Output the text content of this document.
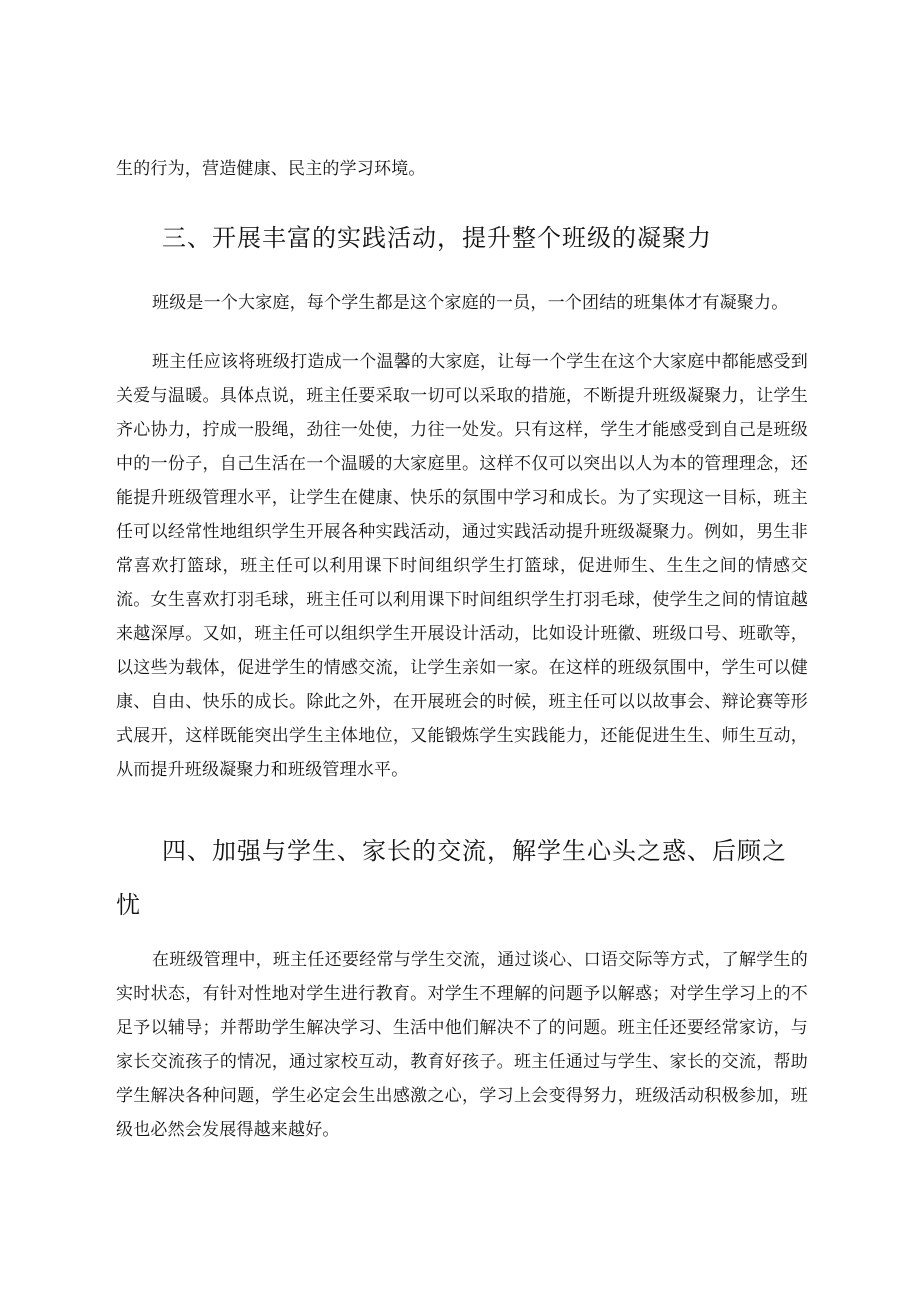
生的行为，营造健康、民主的学习环境。

三、开展丰富的实践活动，提升整个班级的凝聚力

班级是一个大家庭，每个学生都是这个家庭的一员，一个团结的班集体才有凝聚力。

班主任应该将班级打造成一个温馨的大家庭，让每一个学生在这个大家庭中都能感受到关爱与温暖。具体点说，班主任要采取一切可以采取的措施，不断提升班级凝聚力，让学生齐心协力，拧成一股绳，劲往一处使，力往一处发。只有这样，学生才能感受到自己是班级中的一份子，自己生活在一个温暖的大家庭里。这样不仅可以突出以人为本的管理理念，还能提升班级管理水平，让学生在健康、快乐的氛围中学习和成长。为了实现这一目标，班主任可以经常性地组织学生开展各种实践活动，通过实践活动提升班级凝聚力。例如，男生非常喜欢打篮球，班主任可以利用课下时间组织学生打篮球，促进师生、生生之间的情感交流。女生喜欢打羽毛球，班主任可以利用课下时间组织学生打羽毛球，使学生之间的情谊越来越深厚。又如，班主任可以组织学生开展设计活动，比如设计班徽、班级口号、班歌等，以这些为载体，促进学生的情感交流，让学生亲如一家。在这样的班级氛围中，学生可以健康、自由、快乐的成长。除此之外，在开展班会的时候，班主任可以以故事会、辩论赛等形式展开，这样既能突出学生主体地位，又能锻炼学生实践能力，还能促进生生、师生互动，从而提升班级凝聚力和班级管理水平。

四、加强与学生、家长的交流，解学生心头之惑、后顾之忧

在班级管理中，班主任还要经常与学生交流，通过谈心、口语交际等方式，了解学生的实时状态，有针对性地对学生进行教育。对学生不理解的问题予以解惑；对学生学习上的不足予以辅导；并帮助学生解决学习、生活中他们解决不了的问题。班主任还要经常家访，与家长交流孩子的情况，通过家校互动，教育好孩子。班主任通过与学生、家长的交流，帮助学生解决各种问题，学生必定会生出感激之心，学习上会变得努力，班级活动积极参加，班级也必然会发展得越来越好。
